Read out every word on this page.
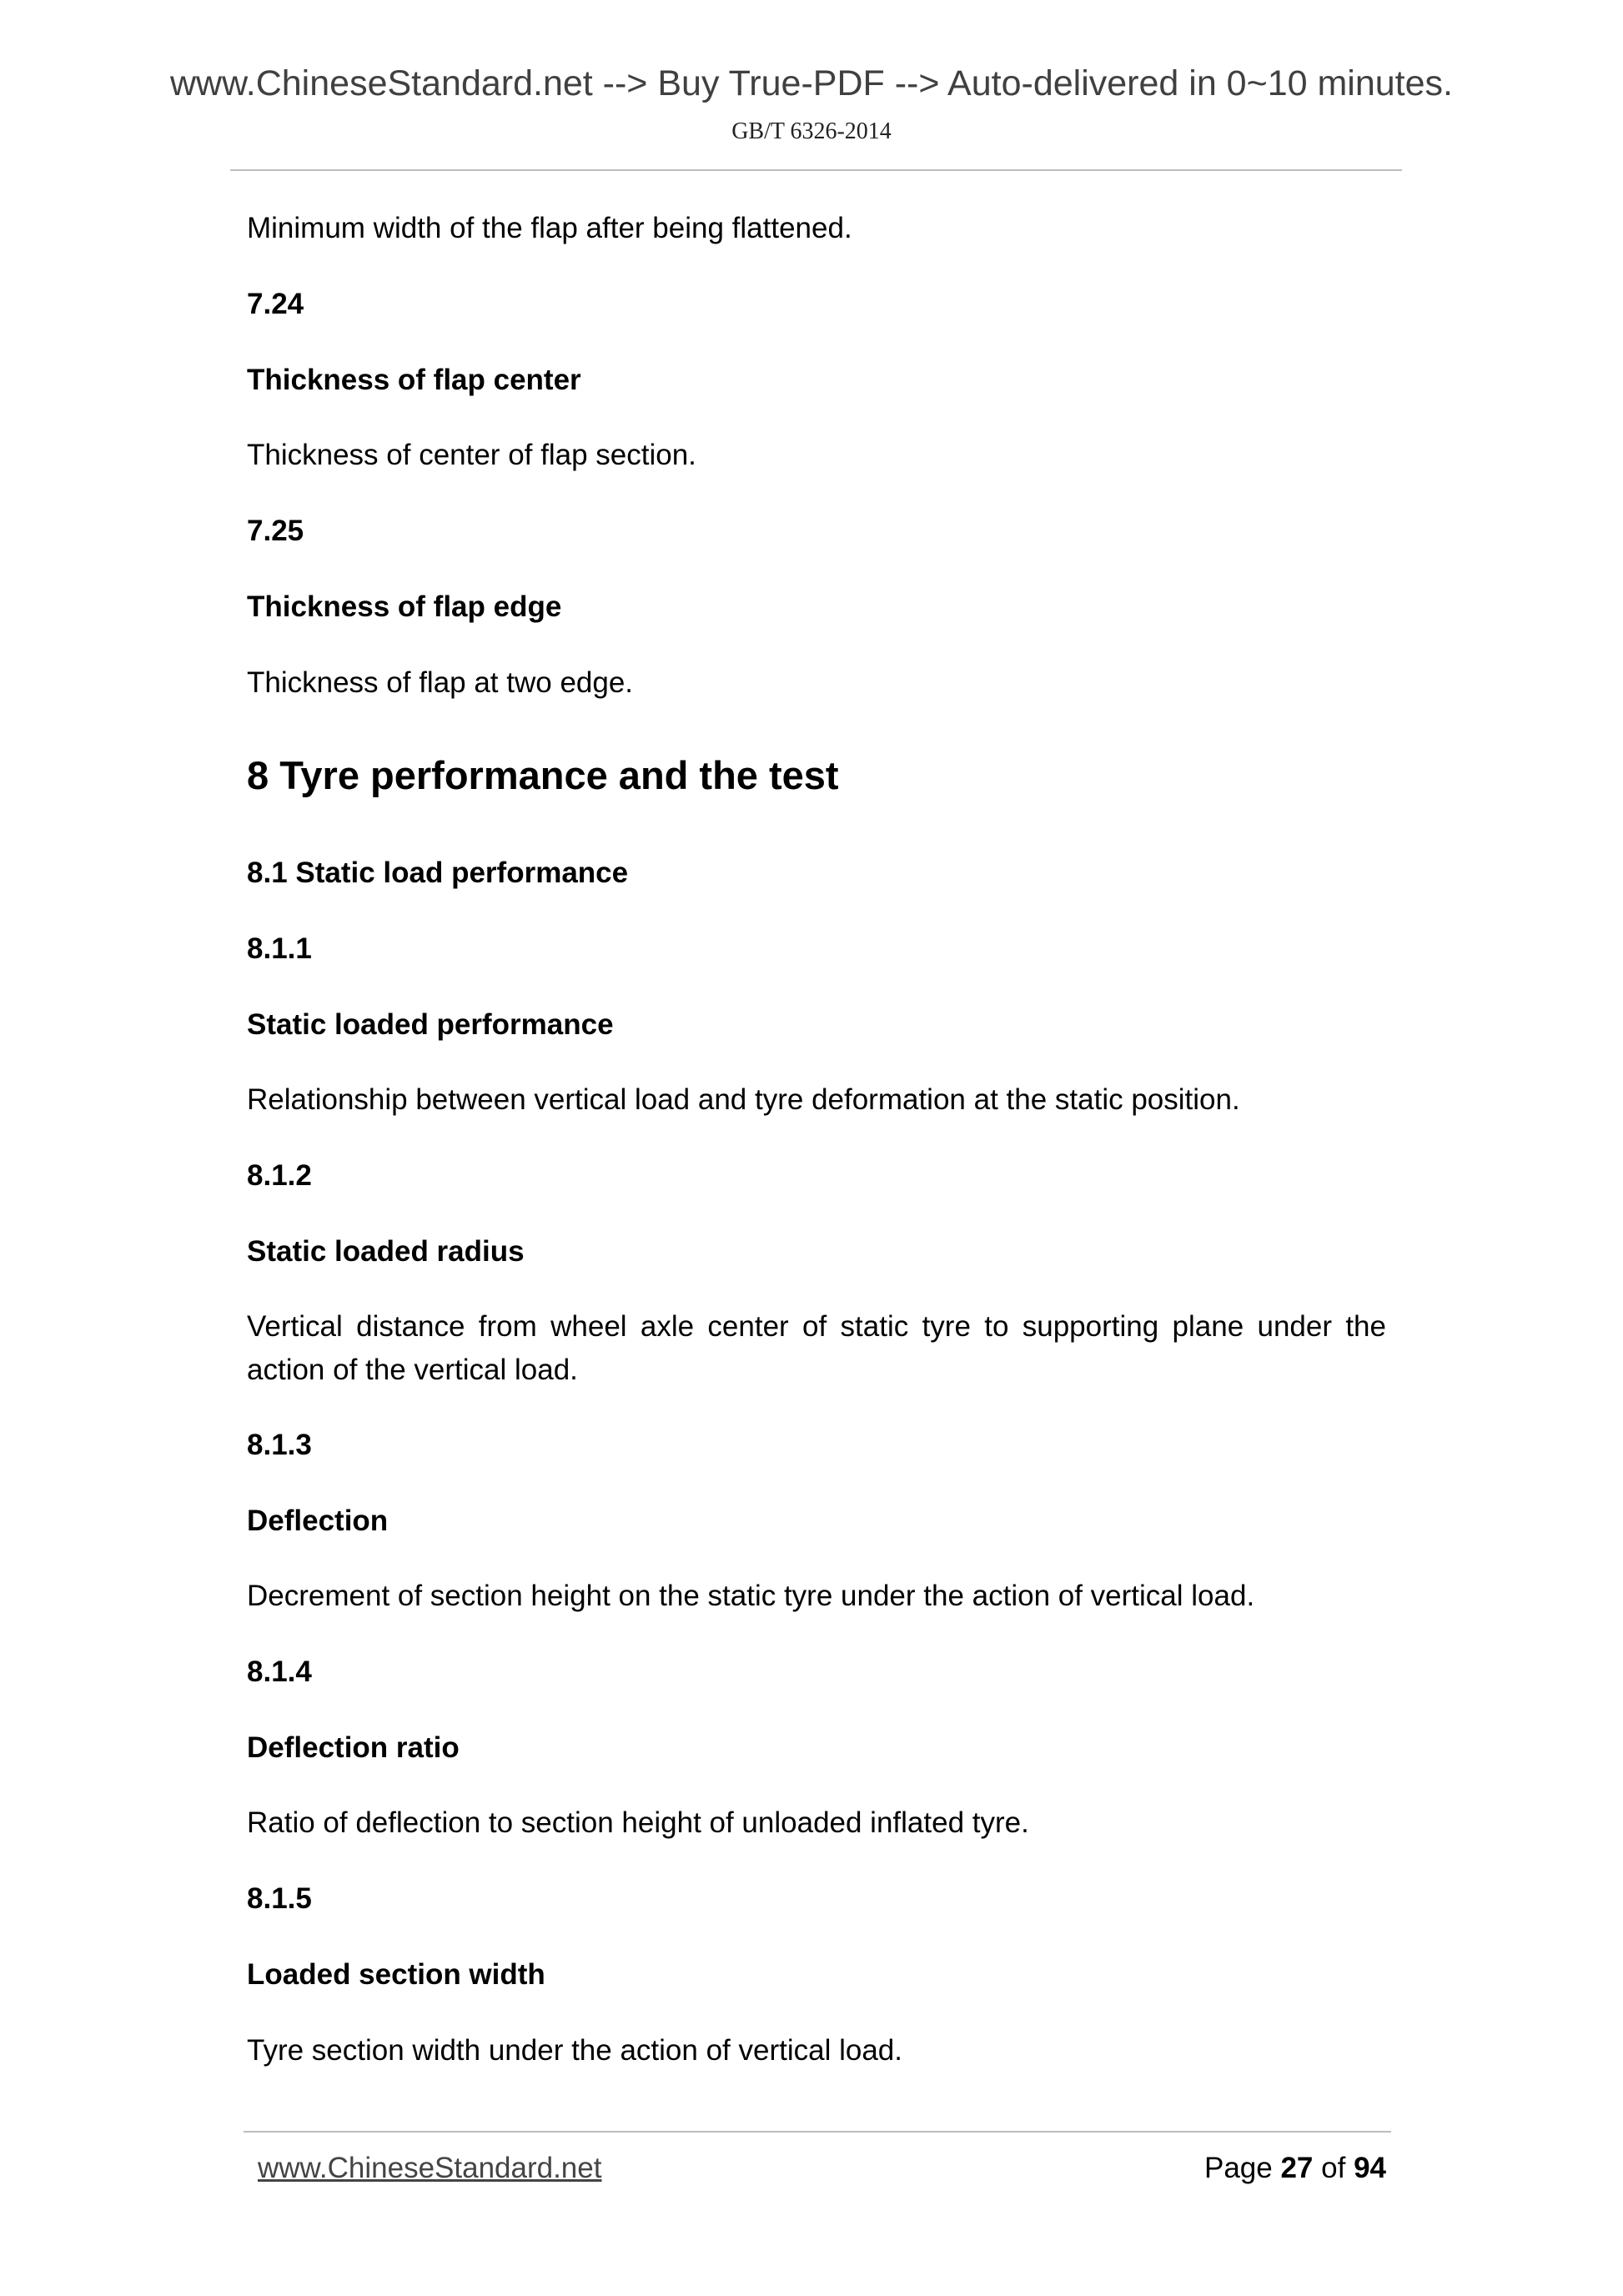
www.ChineseStandard.net --> Buy True-PDF --> Auto-delivered in 0~10 minutes.
GB/T 6326-2014
Minimum width of the flap after being flattened.
7.24
Thickness of flap center
Thickness of center of flap section.
7.25
Thickness of flap edge
Thickness of flap at two edge.
8 Tyre performance and the test
8.1 Static load performance
8.1.1
Static loaded performance
Relationship between vertical load and tyre deformation at the static position.
8.1.2
Static loaded radius
Vertical distance from wheel axle center of static tyre to supporting plane under the action of the vertical load.
8.1.3
Deflection
Decrement of section height on the static tyre under the action of vertical load.
8.1.4
Deflection ratio
Ratio of deflection to section height of unloaded inflated tyre.
8.1.5
Loaded section width
Tyre section width under the action of vertical load.
www.ChineseStandard.net	Page 27 of 94
